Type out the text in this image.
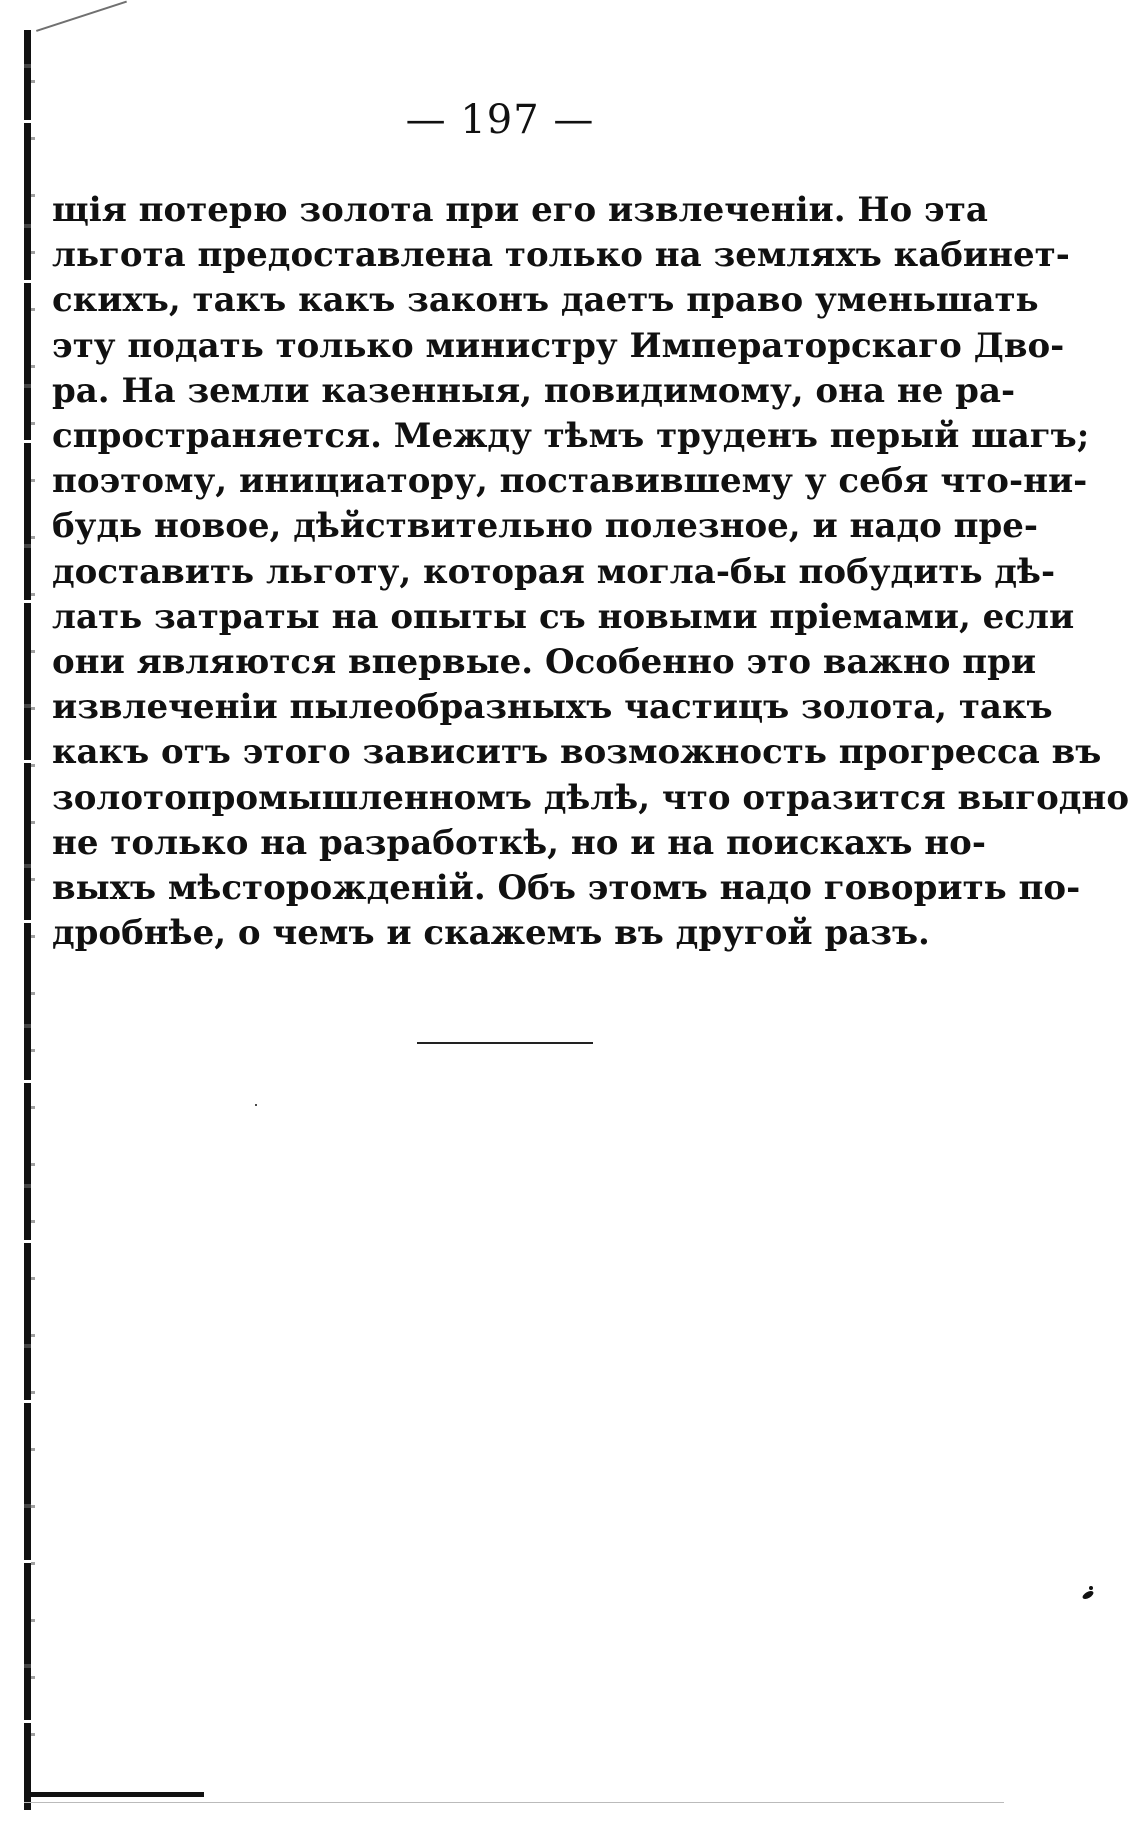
— 197 —
щія потерю золота при его извлеченіи. Но эта
льгота предоставлена только на земляхъ кабинет-
скихъ, такъ какъ законъ даетъ право уменьшать
эту подать только министру Императорскаго Дво-
ра. На земли казенныя, повидимому, она не ра-
спространяется. Между тѣмъ труденъ перый шагъ;
поэтому, инициатору, поставившему у себя что-ни-
будь новое, дѣйствительно полезное, и надо пре-
доставить льготу, которая могла-бы побудить дѣ-
лать затраты на опыты съ новыми пріемами, если
они являются впервые. Особенно это важно при
извлеченіи пылеобразныхъ частицъ золота, такъ
какъ отъ этого зависитъ возможность прогресса въ
золотопромышленномъ дѣлѣ, что отразится выгодно
не только на разработкѣ, но и на поискахъ но-
выхъ мѣсторожденій. Объ этомъ надо говорить по-
дробнѣе, о чемъ и скажемъ въ другой разъ.
